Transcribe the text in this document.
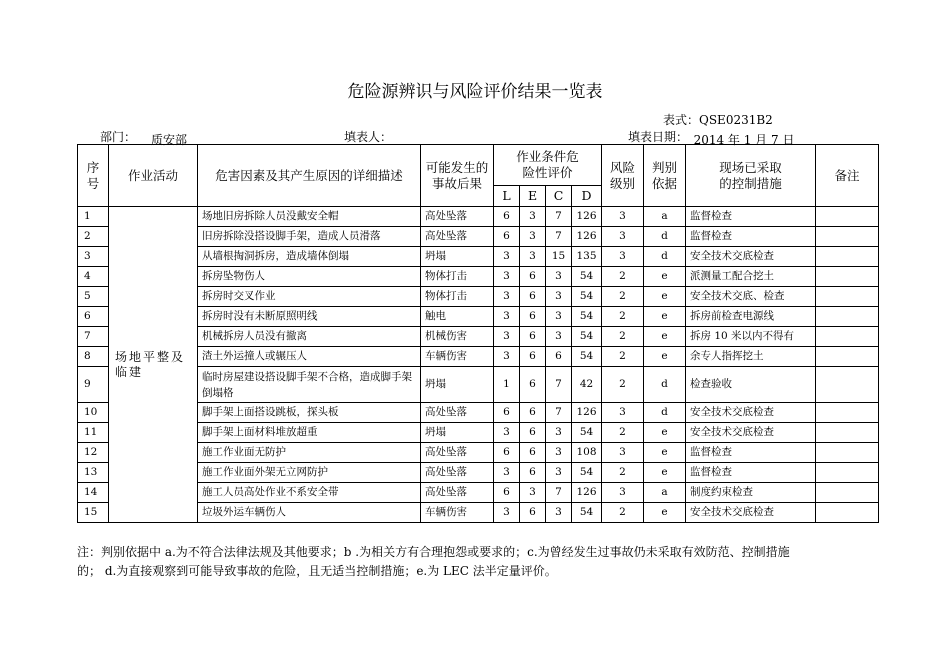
危险源辨识与风险评价结果一览表
表式：QSE0231B2
部门： 质安部	填表人：	填表日期： 2014 年 1 月 7 日
序号	作业活动	危害因素及其产生原因的详细描述	可能发生的事故后果	作业条件危险性评价				风险级别	判别依据	现场已采取的控制措施	备注
				L	E	C	D				
1	场地平整及临建	场地旧房拆除人员没戴安全帽	高处坠落	6	3	7	126	3	a	监督检查	
2		旧房拆除没搭设脚手架，造成人员滑落	高处坠落	6	3	7	126	3	d	监督检查	
3		从墙根掏洞拆房，造成墙体倒塌	坍塌	3	3	15	135	3	d	安全技术交底检查	
4		拆房坠物伤人	物体打击	3	6	3	54	2	e	派测量工配合挖土	
5		拆房时交叉作业	物体打击	3	6	3	54	2	e	安全技术交底、检查	
6		拆房时没有未断原照明线	触电	3	6	3	54	2	e	拆房前检查电源线	
7		机械拆房人员没有撤离	机械伤害	3	6	3	54	2	e	拆房 10 米以内不得有	
8		渣土外运撞人或辗压人	车辆伤害	3	6	6	54	2	e	余专人指挥挖土	
9		临时房屋建设搭设脚手架不合格，造成脚手架倒塌格	坍塌	1	6	7	42	2	d	检查验收	
10		脚手架上面搭设跳板，探头板	高处坠落	6	6	7	126	3	d	安全技术交底检查	
11		脚手架上面材料堆放超重	坍塌	3	6	3	54	2	e	安全技术交底检查	
12		施工作业面无防护	高处坠落	6	6	3	108	3	e	监督检查	
13		施工作业面外架无立网防护	高处坠落	3	6	3	54	2	e	监督检查	
14		施工人员高处作业不系安全带	高处坠落	6	3	7	126	3	a	制度约束检查	
15		垃圾外运车辆伤人	车辆伤害	3	6	3	54	2	e	安全技术交底检查	
注：判别依据中 a.为不符合法律法规及其他要求；b .为相关方有合理抱怨或要求的；c.为曾经发生过事故仍未采取有效防范、控制措施
的； d.为直接观察到可能导致事故的危险，且无适当控制措施；e.为 LEC 法半定量评价。
